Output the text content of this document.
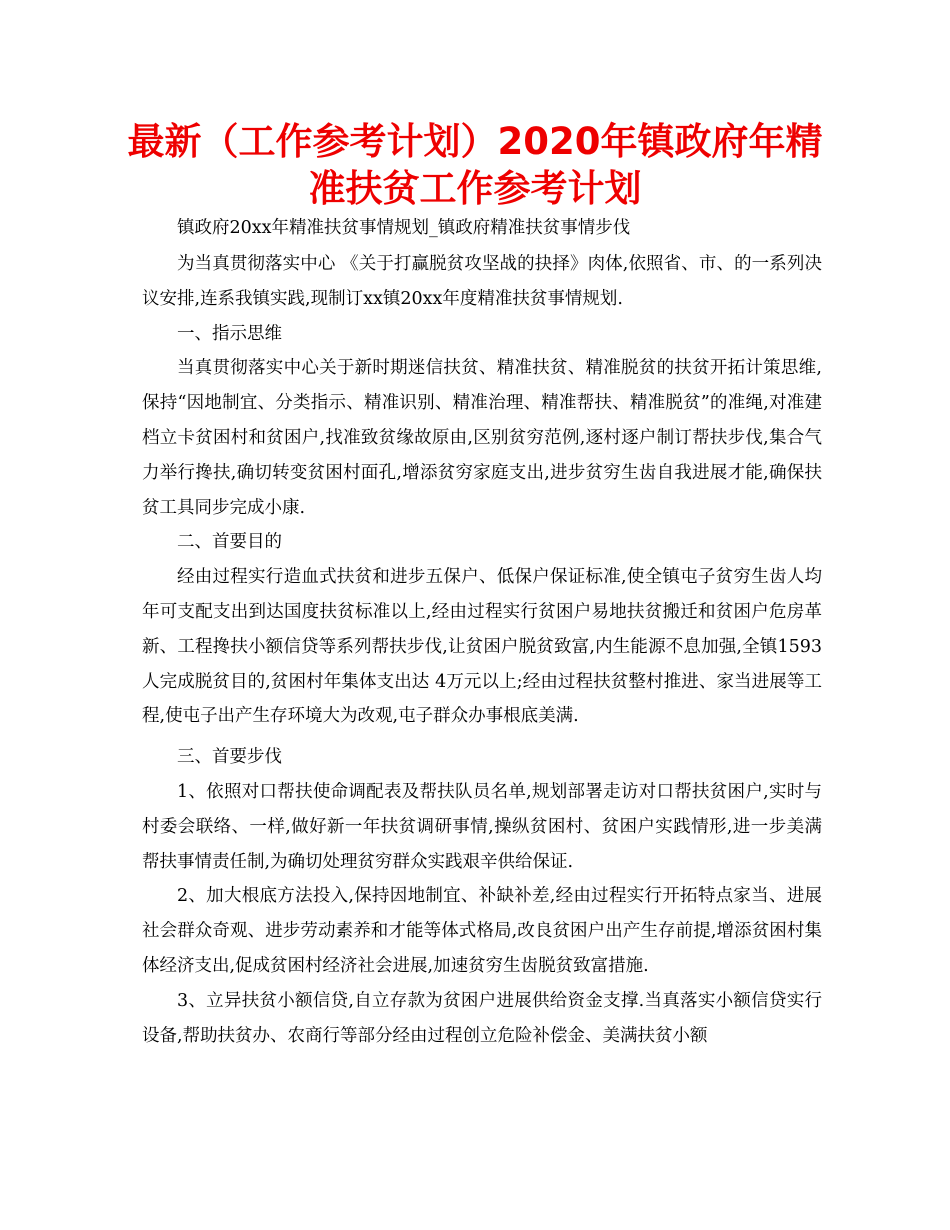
最新（工作参考计划）2020年镇政府年精准扶贫工作参考计划

镇政府20xx年精准扶贫事情规划_镇政府精准扶贫事情步伐

为当真贯彻落实中心 《关于打赢脱贫攻坚战的抉择》肉体,依照省、市、的一系列决议安排,连系我镇实践,现制订xx镇20xx年度精准扶贫事情规划.

一、指示思维

当真贯彻落实中心关于新时期迷信扶贫、精准扶贫、精准脱贫的扶贫开拓计策思维,保持“因地制宜、分类指示、精准识别、精准治理、精准帮扶、精准脱贫”的准绳,对准建档立卡贫困村和贫困户,找准致贫缘故原由,区别贫穷范例,逐村逐户制订帮扶步伐,集合气力举行搀扶,确切转变贫困村面孔,增添贫穷家庭支出,进步贫穷生齿自我进展才能,确保扶贫工具同步完成小康.

二、首要目的

经由过程实行造血式扶贫和进步五保户、低保户保证标准,使全镇屯子贫穷生齿人均年可支配支出到达国度扶贫标准以上,经由过程实行贫困户易地扶贫搬迁和贫困户危房革新、工程搀扶小额信贷等系列帮扶步伐,让贫困户脱贫致富,内生能源不息加强,全镇1593人完成脱贫目的,贫困村年集体支出达 4万元以上;经由过程扶贫整村推进、家当进展等工程,使屯子出产生存环境大为改观,屯子群众办事根底美满.

三、首要步伐

1、依照对口帮扶使命调配表及帮扶队员名单,规划部署走访对口帮扶贫困户,实时与村委会联络、一样,做好新一年扶贫调研事情,操纵贫困村、贫困户实践情形,进一步美满帮扶事情责任制,为确切处理贫穷群众实践艰辛供给保证.

2、加大根底方法投入,保持因地制宜、补缺补差,经由过程实行开拓特点家当、进展社会群众奇观、进步劳动素养和才能等体式格局,改良贫困户出产生存前提,增添贫困村集体经济支出,促成贫困村经济社会进展,加速贫穷生齿脱贫致富措施.

3、立异扶贫小额信贷,自立存款为贫困户进展供给资金支撑.当真落实小额信贷实行设备,帮助扶贫办、农商行等部分经由过程创立危险补偿金、美满扶贫小额
